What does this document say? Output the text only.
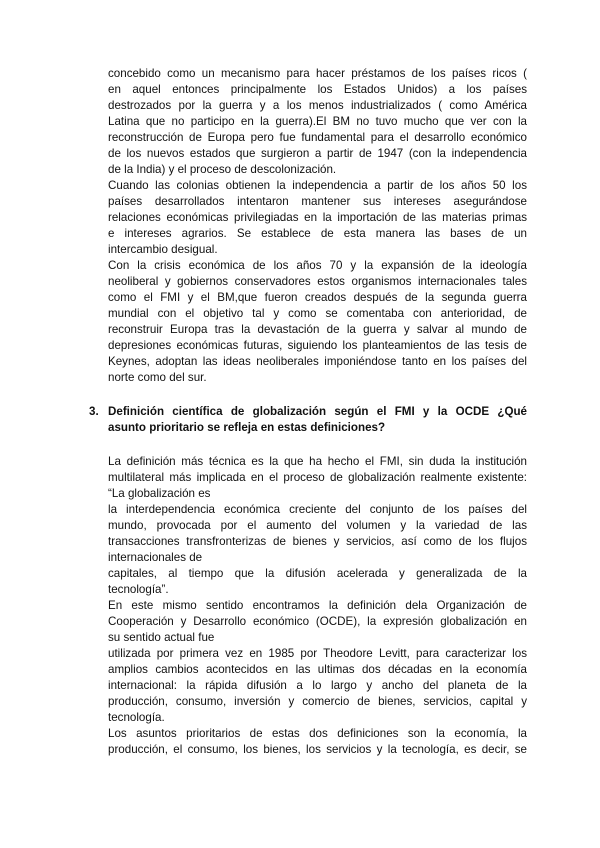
concebido como un mecanismo para hacer préstamos de los países ricos (
en aquel entonces principalmente los Estados Unidos) a los países
destrozados por la guerra y a los menos industrializados ( como América
Latina que no participo en la guerra).El BM no tuvo mucho que ver con la
reconstrucción de Europa pero fue fundamental para el desarrollo económico
de los nuevos estados que surgieron a partir de 1947 (con la independencia
de la India) y el proceso de descolonización.
Cuando las colonias obtienen la independencia a partir de los años 50 los
países desarrollados intentaron mantener sus intereses asegurándose
relaciones económicas privilegiadas en la importación de las materias primas
e intereses agrarios. Se establece de esta manera las bases de un
intercambio desigual.
Con la crisis económica de los años 70 y la expansión de la ideología
neoliberal y gobiernos conservadores estos organismos internacionales tales
como el FMI y el BM,que fueron creados después de la segunda guerra
mundial con el objetivo tal y como se comentaba con anterioridad, de
reconstruir Europa tras la devastación de la guerra y salvar al mundo de
depresiones económicas futuras, siguiendo los planteamientos de las tesis de
Keynes, adoptan las ideas neoliberales imponiéndose tanto en los países del
norte como del sur.
3. Definición científica de globalización según el FMI y la OCDE ¿Qué
asunto prioritario se refleja en estas definiciones?
La definición más técnica es la que ha hecho el FMI, sin duda la institución
multilateral más implicada en el proceso de globalización realmente existente:
“La globalización es
la interdependencia económica creciente del conjunto de los países del
mundo, provocada por el aumento del volumen y la variedad de las
transacciones transfronterizas de bienes y servicios, así como de los flujos
internacionales de
capitales, al tiempo que la difusión acelerada y generalizada de la
tecnología”.
En este mismo sentido encontramos la definición dela Organización de
Cooperación y Desarrollo económico (OCDE), la expresión globalización en
su sentido actual fue
utilizada por primera vez en 1985 por Theodore Levitt, para caracterizar los
amplios cambios acontecidos en las ultimas dos décadas en la economía
internacional: la rápida difusión a lo largo y ancho del planeta de la
producción, consumo, inversión y comercio de bienes, servicios, capital y
tecnología.
Los asuntos prioritarios de estas dos definiciones son la economía, la
producción, el consumo, los bienes, los servicios y la tecnología, es decir, se
